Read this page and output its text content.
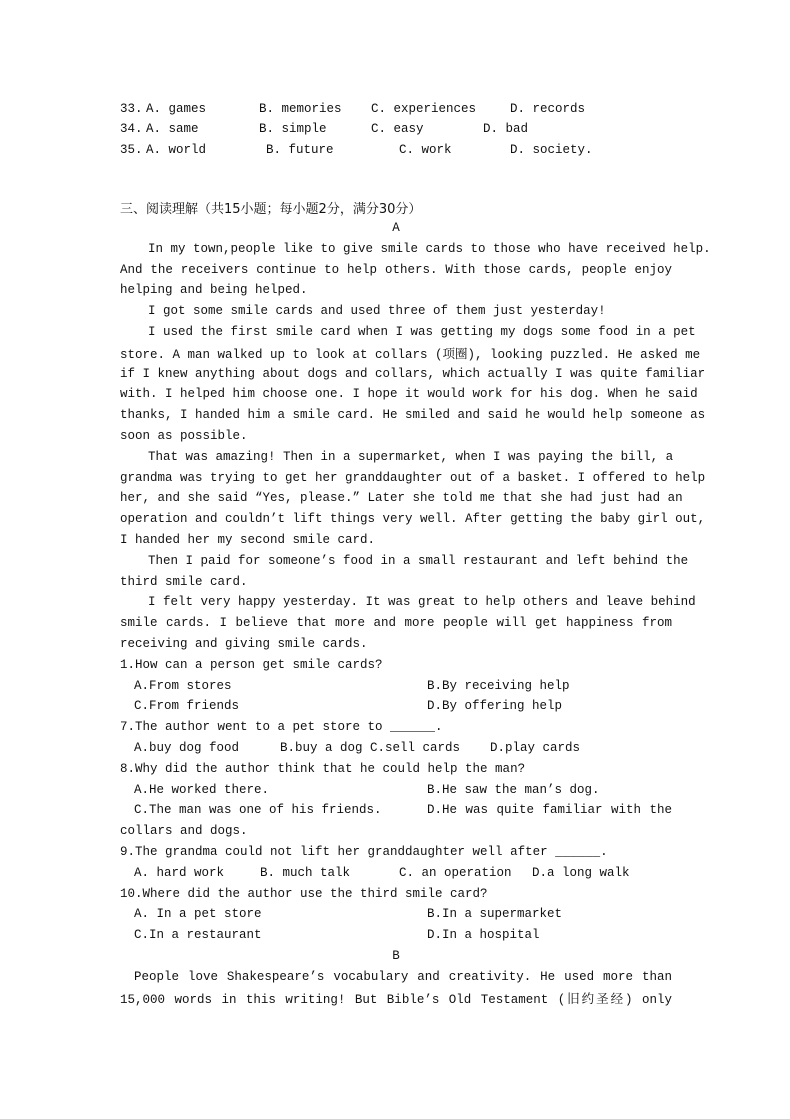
33. A. games	B. memories C. experiences	D. records
34. A. same	B. simple	C. easy	D. bad
35. A. world	B. future	C. work	D. society.
三、阅读理解（共15小题；每小题2分，满分30分）
A
In my town,people like to give smile cards to those who have received help.
And the receivers continue to help others. With those cards, people enjoy
helping and being helped.
I got some smile cards and used three of them just yesterday!
I used the first smile card when I was getting my dogs some food in a pet
store. A man walked up to look at collars (项圈), looking puzzled. He asked me
if I knew anything about dogs and collars, which actually I was quite familiar
with. I helped him choose one. I hope it would work for his dog. When he said
thanks, I handed him a smile card. He smiled and said he would help someone as
soon as possible.
That was amazing! Then in a supermarket, when I was paying the bill, a
grandma was trying to get her granddaughter out of a basket. I offered to help
her, and she said “Yes, please.” Later she told me that she had just had an
operation and couldn’t lift things very well. After getting the baby girl out,
I handed her my second smile card.
Then I paid for someone’s food in a small restaurant and left behind the
third smile card.
I felt very happy yesterday. It was great to help others and leave behind
smile cards. I believe that more and more people will get happiness from
receiving and giving smile cards.
1.How can a person get smile cards?
A.From stores	B.By receiving help
C.From friends	D.By offering help
7.The author went to a pet store to ______.
A.buy dog food	B.buy a dog C.sell cards D.play cards
8.Why did the author think that he could help the man?
A.He worked there.	B.He saw the man’s dog.
C.The man was one of his friends.	D.He was quite familiar with the
collars and dogs.
9.The grandma could not lift her granddaughter well after ______.
A. hard work	B. much talk	C. an operation D.a long walk
10.Where did the author use the third smile card?
A. In a pet store	B.In a supermarket
C.In a restaurant	D.In a hospital
B
People love Shakespeare’s vocabulary and creativity. He used more than
15,000 words in this writing! But Bible’s Old Testament (旧约圣经) only
